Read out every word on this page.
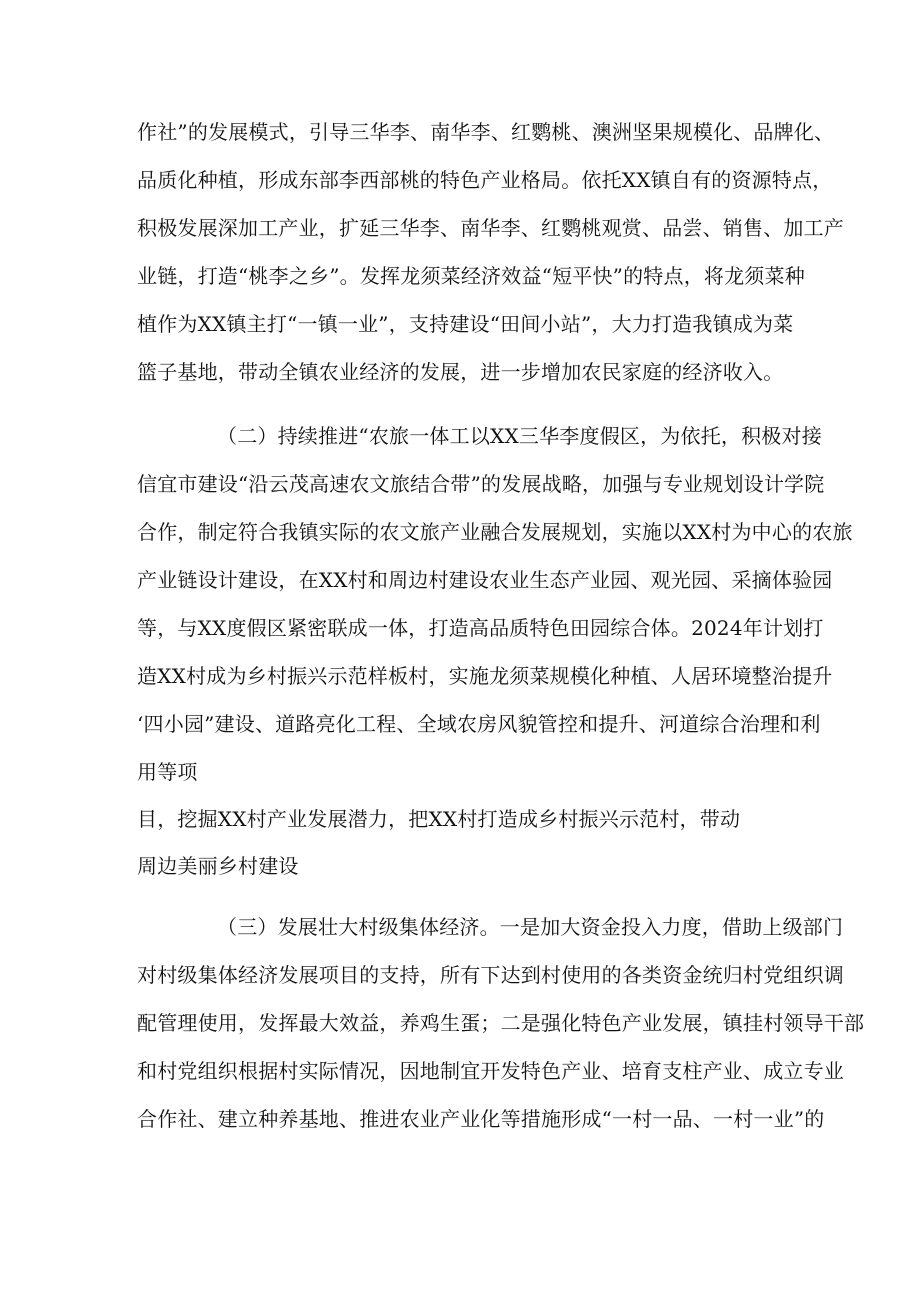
作社”的发展模式，引导三华李、南华李、红鹦桃、澳洲坚果规模化、品牌化、
品质化种植，形成东部李西部桃的特色产业格局。依托XX镇自有的资源特点，
积极发展深加工产业，扩延三华李、南华李、红鹦桃观赏、品尝、销售、加工产
业链，打造“桃李之乡”。发挥龙须菜经济效益“短平快”的特点，将龙须菜种
植作为XX镇主打“一镇一业”，支持建设“田间小站”，大力打造我镇成为菜
篮子基地，带动全镇农业经济的发展，进一步增加农民家庭的经济收入。
（二）持续推进“农旅一体工以XX三华李度假区，为依托，积极对接
信宜市建设“沿云茂高速农文旅结合带”的发展战略，加强与专业规划设计学院
合作，制定符合我镇实际的农文旅产业融合发展规划，实施以XX村为中心的农旅
产业链设计建设，在XX村和周边村建设农业生态产业园、观光园、采摘体验园
等，与XX度假区紧密联成一体，打造高品质特色田园综合体。2024年计划打
造XX村成为乡村振兴示范样板村，实施龙须菜规模化种植、人居环境整治提升
‘四小园”建设、道路亮化工程、全域农房风貌管控和提升、河道综合治理和利
用等项
目，挖掘XX村产业发展潜力，把XX村打造成乡村振兴示范村，带动
周边美丽乡村建设
（三）发展壮大村级集体经济。一是加大资金投入力度，借助上级部门
对村级集体经济发展项目的支持，所有下达到村使用的各类资金统归村党组织调
配管理使用，发挥最大效益，养鸡生蛋；二是强化特色产业发展，镇挂村领导干部
和村党组织根据村实际情况，因地制宜开发特色产业、培育支柱产业、成立专业
合作社、建立种养基地、推进农业产业化等措施形成“一村一品、一村一业”的
